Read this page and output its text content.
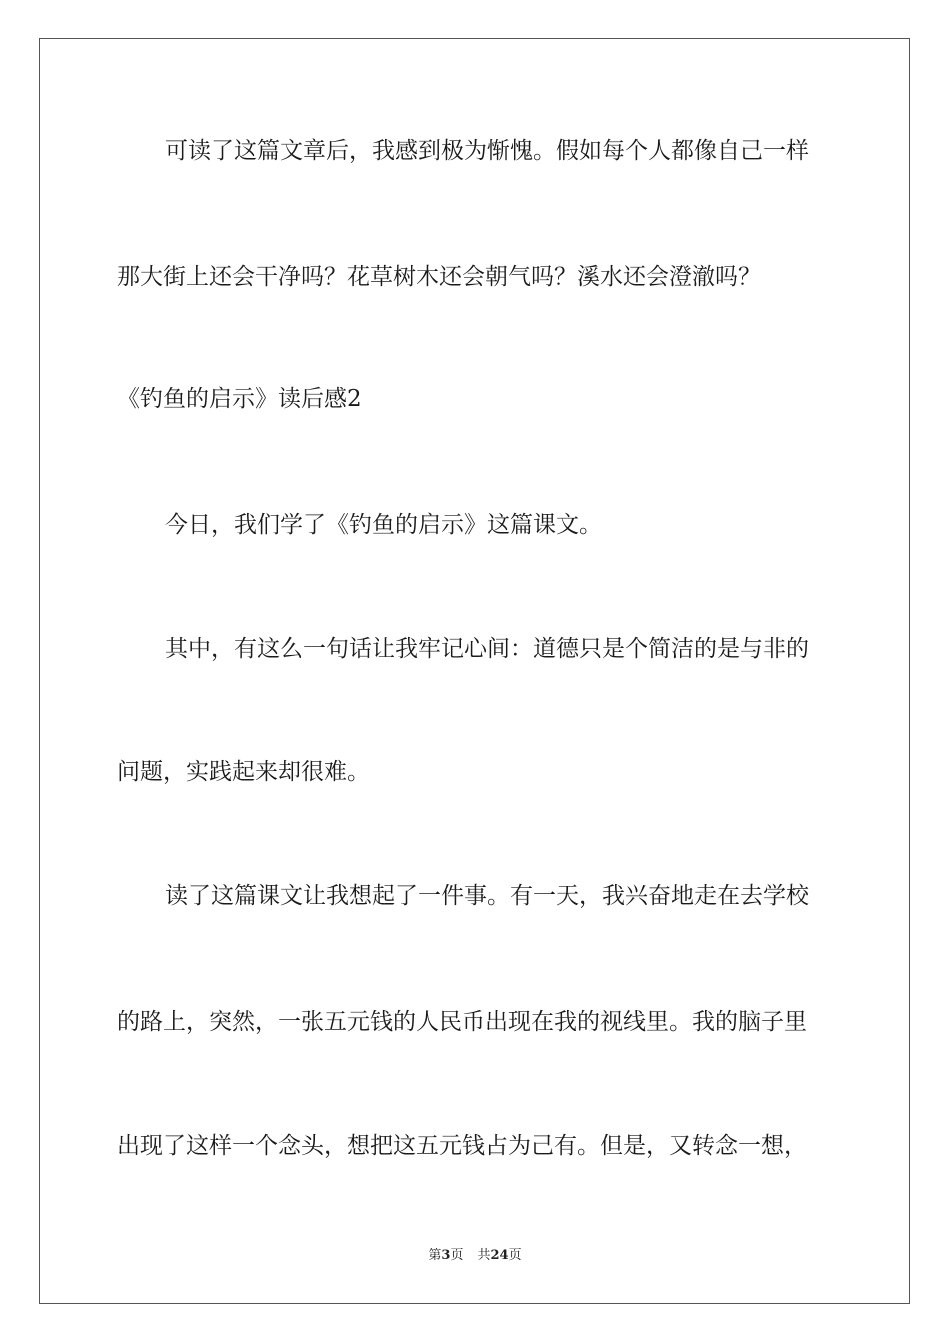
可读了这篇文章后，我感到极为惭愧。假如每个人都像自己一样
那大街上还会干净吗？花草树木还会朝气吗？溪水还会澄澈吗？
《钓鱼的启示》读后感2
今日，我们学了《钓鱼的启示》这篇课文。
其中，有这么一句话让我牢记心间：道德只是个简洁的是与非的
问题，实践起来却很难。
读了这篇课文让我想起了一件事。有一天，我兴奋地走在去学校
的路上，突然，一张五元钱的人民币出现在我的视线里。我的脑子里
出现了这样一个念头，想把这五元钱占为己有。但是，又转念一想，
第3页 共24页
